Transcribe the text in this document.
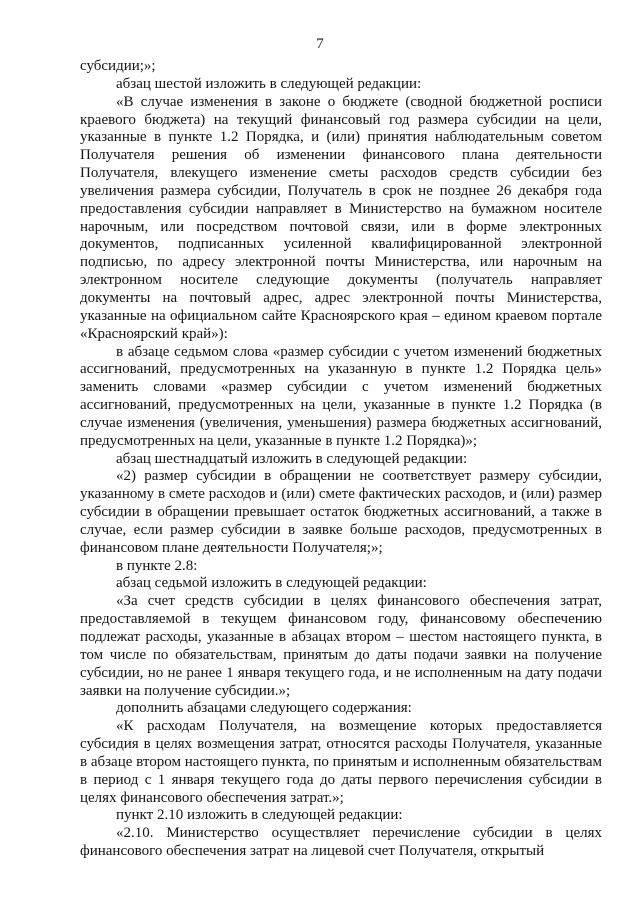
7

субсидии;»;

абзац шестой изложить в следующей редакции:

«В случае изменения в законе о бюджете (сводной бюджетной росписи краевого бюджета) на текущий финансовый год размера субсидии на цели, указанные в пункте 1.2 Порядка, и (или) принятия наблюдательным советом Получателя решения об изменении финансового плана деятельности Получателя, влекущего изменение сметы расходов средств субсидии без увеличения размера субсидии, Получатель в срок не позднее 26 декабря года предоставления субсидии направляет в Министерство на бумажном носителе нарочным, или посредством почтовой связи, или в форме электронных документов, подписанных усиленной квалифицированной электронной подписью, по адресу электронной почты Министерства, или нарочным на электронном носителе следующие документы (получатель направляет документы на почтовый адрес, адрес электронной почты Министерства, указанные на официальном сайте Красноярского края – едином краевом портале «Красноярский край»):

в абзаце седьмом слова «размер субсидии с учетом изменений бюджетных ассигнований, предусмотренных на указанную в пункте 1.2 Порядка цель» заменить словами «размер субсидии с учетом изменений бюджетных ассигнований, предусмотренных на цели, указанные в пункте 1.2 Порядка (в случае изменения (увеличения, уменьшения) размера бюджетных ассигнований, предусмотренных на цели, указанные в пункте 1.2 Порядка)»;

абзац шестнадцатый изложить в следующей редакции:

«2) размер субсидии в обращении не соответствует размеру субсидии, указанному в смете расходов и (или) смете фактических расходов, и (или) размер субсидии в обращении превышает остаток бюджетных ассигнований, а также в случае, если размер субсидии в заявке больше расходов, предусмотренных в финансовом плане деятельности Получателя;»;

в пункте 2.8:

абзац седьмой изложить в следующей редакции:

«За счет средств субсидии в целях финансового обеспечения затрат, предоставляемой в текущем финансовом году, финансовому обеспечению подлежат расходы, указанные в абзацах втором – шестом настоящего пункта, в том числе по обязательствам, принятым до даты подачи заявки на получение субсидии, но не ранее 1 января текущего года, и не исполненным на дату подачи заявки на получение субсидии.»;

дополнить абзацами следующего содержания:

«К расходам Получателя, на возмещение которых предоставляется субсидия в целях возмещения затрат, относятся расходы Получателя, указанные в абзаце втором настоящего пункта, по принятым и исполненным обязательствам в период с 1 января текущего года до даты первого перечисления субсидии в целях финансового обеспечения затрат.»;

пункт 2.10 изложить в следующей редакции:

«2.10. Министерство осуществляет перечисление субсидии в целях финансового обеспечения затрат на лицевой счет Получателя, открытый
